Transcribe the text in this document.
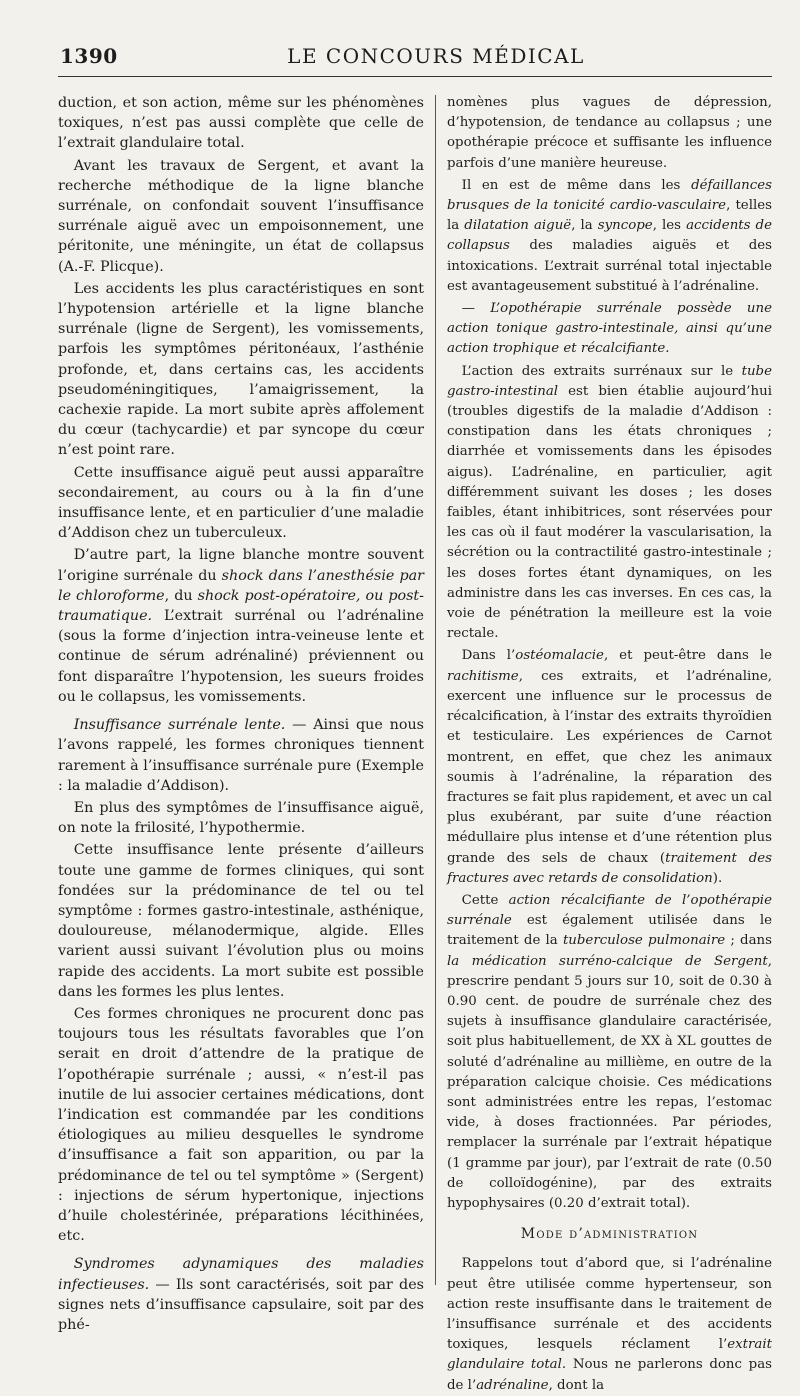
1390	LE CONCOURS MÉDICAL

duction, et son action, même sur les phénomènes toxiques, n’est pas aussi complète que celle de l’extrait glandulaire total.

Avant les travaux de Sergent, et avant la recherche méthodique de la ligne blanche surrénale, on confondait souvent l’insuffisance surrénale aiguë avec un empoisonnement, une péritonite, une méningite, un état de collapsus (A.-F. Plicque).

Les accidents les plus caractéristiques en sont l’hypotension artérielle et la ligne blanche surrénale (ligne de Sergent), les vomissements, parfois les symptômes péritonéaux, l’asthénie profonde, et, dans certains cas, les accidents pseudoméningitiques, l’amaigrissement, la cachexie rapide. La mort subite après affolement du cœur (tachycardie) et par syncope du cœur n’est point rare.

Cette insuffisance aiguë peut aussi apparaître secondairement, au cours ou à la fin d’une insuffisance lente, et en particulier d’une maladie d’Addison chez un tuberculeux.

D’autre part, la ligne blanche montre souvent l’origine surrénale du shock dans l’anesthésie par le chloroforme, du shock post-opératoire, ou post-traumatique. L’extrait surrénal ou l’adrénaline (sous la forme d’injection intra-veineuse lente et continue de sérum adrénaliné) préviennent ou font disparaître l’hypotension, les sueurs froides ou le collapsus, les vomissements.

Insuffisance surrénale lente. — Ainsi que nous l’avons rappelé, les formes chroniques tiennent rarement à l’insuffisance surrénale pure (Exemple : la maladie d’Addison).

En plus des symptômes de l’insuffisance aiguë, on note la frilosité, l’hypothermie.

Cette insuffisance lente présente d’ailleurs toute une gamme de formes cliniques, qui sont fondées sur la prédominance de tel ou tel symptôme : formes gastro-intestinale, asthénique, douloureuse, mélanodermique, algide. Elles varient aussi suivant l’évolution plus ou moins rapide des accidents. La mort subite est possible dans les formes les plus lentes.

Ces formes chroniques ne procurent donc pas toujours tous les résultats favorables que l’on serait en droit d’attendre de la pratique de l’opothérapie surrénale ; aussi, « n’est-il pas inutile de lui associer certaines médications, dont l’indication est commandée par les conditions étiologiques au milieu desquelles le syndrome d’insuffisance a fait son apparition, ou par la prédominance de tel ou tel symptôme » (Sergent) : injections de sérum hypertonique, injections d’huile cholestérinée, préparations lécithinées, etc.

Syndromes adynamiques des maladies infectieuses. — Ils sont caractérisés, soit par des signes nets d’insuffisance capsulaire, soit par des phé-

nomènes plus vagues de dépression, d’hypotension, de tendance au collapsus ; une opothérapie précoce et suffisante les influence parfois d’une manière heureuse.

Il en est de même dans les défaillances brusques de la tonicité cardio-vasculaire, telles la dilatation aiguë, la syncope, les accidents de collapsus des maladies aiguës et des intoxications. L’extrait surrénal total injectable est avantageusement substitué à l’adrénaline.

— L’opothérapie surrénale possède une action tonique gastro-intestinale, ainsi qu’une action trophique et récalcifiante.

L’action des extraits surrénaux sur le tube gastro-intestinal est bien établie aujourd’hui (troubles digestifs de la maladie d’Addison : constipation dans les états chroniques ; diarrhée et vomissements dans les épisodes aigus). L’adrénaline, en particulier, agit différemment suivant les doses ; les doses faibles, étant inhibitrices, sont réservées pour les cas où il faut modérer la vascularisation, la sécrétion ou la contractilité gastro-intestinale ; les doses fortes étant dynamiques, on les administre dans les cas inverses. En ces cas, la voie de pénétration la meilleure est la voie rectale.

Dans l’ostéomalacie, et peut-être dans le rachitisme, ces extraits, et l’adrénaline, exercent une influence sur le processus de récalcification, à l’instar des extraits thyroïdien et testiculaire. Les expériences de Carnot montrent, en effet, que chez les animaux soumis à l’adrénaline, la réparation des fractures se fait plus rapidement, et avec un cal plus exubérant, par suite d’une réaction médullaire plus intense et d’une rétention plus grande des sels de chaux (traitement des fractures avec retards de consolidation).

Cette action récalcifiante de l’opothérapie surrénale est également utilisée dans le traitement de la tuberculose pulmonaire ; dans la médication surréno-calcique de Sergent, prescrire pendant 5 jours sur 10, soit de 0.30 à 0.90 cent. de poudre de surrénale chez des sujets à insuffisance glandulaire caractérisée, soit plus habituellement, de XX à XL gouttes de soluté d’adrénaline au millième, en outre de la préparation calcique choisie. Ces médications sont administrées entre les repas, l’estomac vide, à doses fractionnées. Par périodes, remplacer la surrénale par l’extrait hépatique (1 gramme par jour), par l’extrait de rate (0.50 de colloïdogénine), par des extraits hypophysaires (0.20 d’extrait total).

Mode d’administration

Rappelons tout d’abord que, si l’adrénaline peut être utilisée comme hypertenseur, son action reste insuffisante dans le traitement de l’insuffisance surrénale et des accidents toxiques, lesquels réclament l’extrait glandulaire total. Nous ne parlerons donc pas de l’adrénaline, dont la
